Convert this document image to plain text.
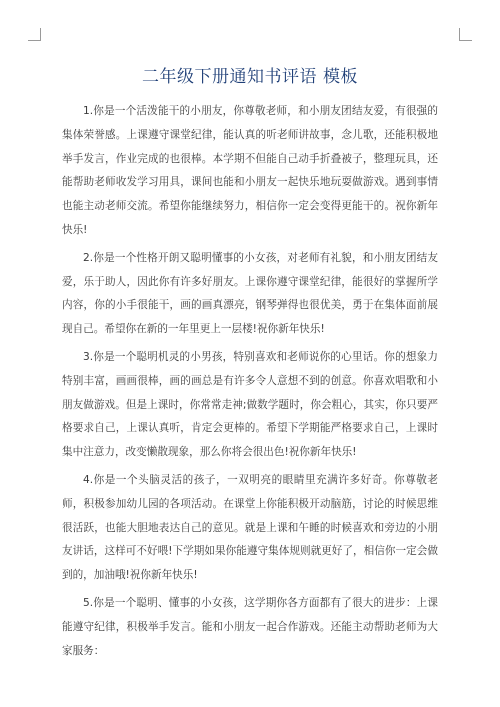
二年级下册通知书评语 模板

1.你是一个活泼能干的小朋友，你尊敬老师，和小朋友团结友爱，有很强的集体荣誉感。上课遵守课堂纪律，能认真的听老师讲故事，念儿歌，还能积极地举手发言，作业完成的也很棒。本学期不但能自己动手折叠被子，整理玩具，还能帮助老师收发学习用具，课间也能和小朋友一起快乐地玩耍做游戏。遇到事情也能主动老师交流。希望你能继续努力，相信你一定会变得更能干的。祝你新年快乐!

2.你是一个性格开朗又聪明懂事的小女孩，对老师有礼貌，和小朋友团结友爱，乐于助人，因此你有许多好朋友。上课你遵守课堂纪律，能很好的掌握所学内容，你的小手很能干，画的画真漂亮，钢琴弹得也很优美，勇于在集体面前展现自己。希望你在新的一年里更上一层楼!祝你新年快乐!

3.你是一个聪明机灵的小男孩，特别喜欢和老师说你的心里话。你的想象力特别丰富，画画很棒，画的画总是有许多令人意想不到的创意。你喜欢唱歌和小朋友做游戏。但是上课时，你常常走神;做数学题时，你会粗心，其实，你只要严格要求自己，上课认真听，肯定会更棒的。希望下学期能严格要求自己，上课时集中注意力，改变懒散现象，那么你将会很出色!祝你新年快乐!

4.你是一个头脑灵活的孩子，一双明亮的眼睛里充满许多好奇。你尊敬老师，积极参加幼儿园的各项活动。在课堂上你能积极开动脑筋，讨论的时候思维很活跃，也能大胆地表达自己的意见。就是上课和午睡的时候喜欢和旁边的小朋友讲话，这样可不好喂!下学期如果你能遵守集体规则就更好了，相信你一定会做到的，加油哦!祝你新年快乐!

5.你是一个聪明、懂事的小女孩，这学期你各方面都有了很大的进步：上课能遵守纪律，积极举手发言。能和小朋友一起合作游戏。还能主动帮助老师为大家服务：
